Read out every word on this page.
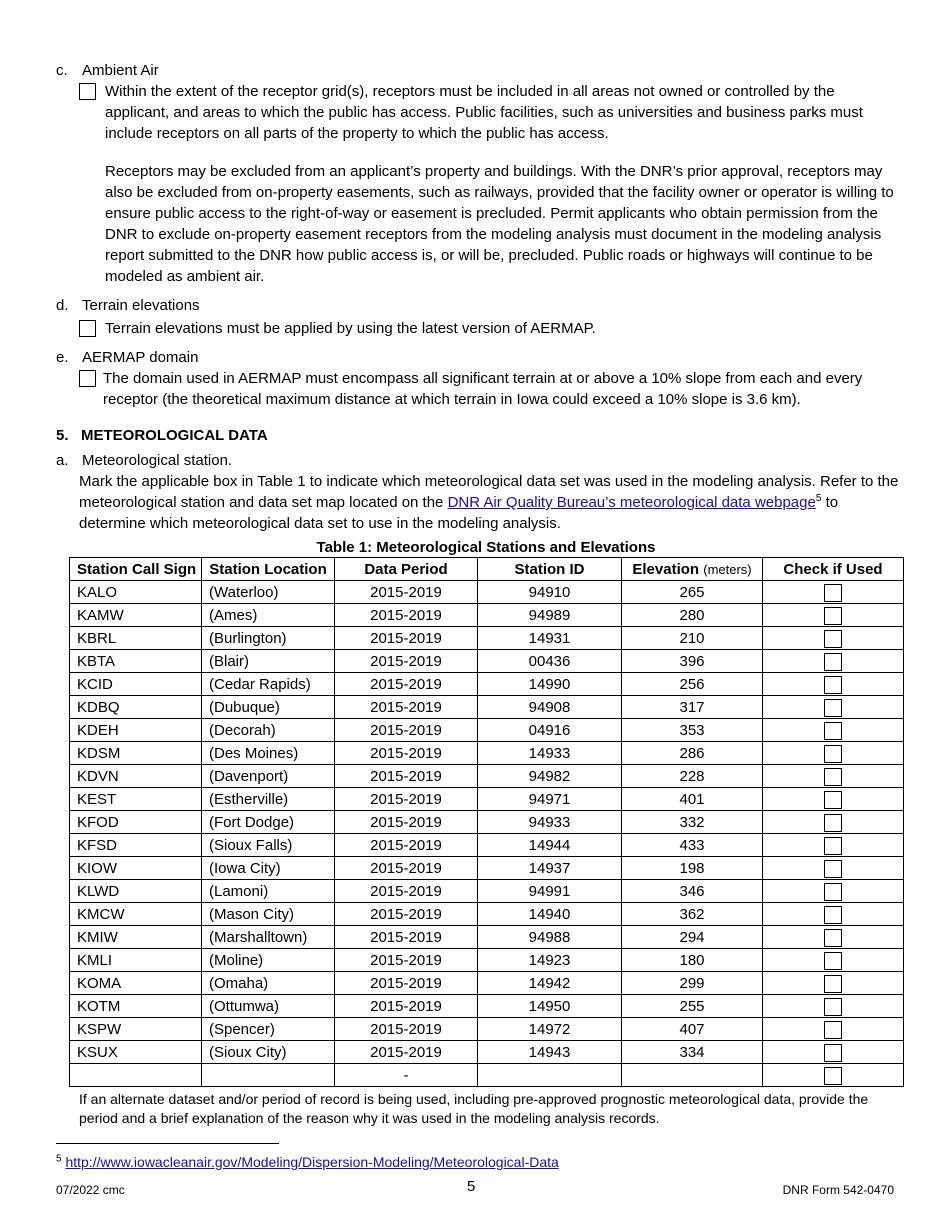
c. Ambient Air
Within the extent of the receptor grid(s), receptors must be included in all areas not owned or controlled by the applicant, and areas to which the public has access. Public facilities, such as universities and business parks must include receptors on all parts of the property to which the public has access.
Receptors may be excluded from an applicant’s property and buildings. With the DNR’s prior approval, receptors may also be excluded from on-property easements, such as railways, provided that the facility owner or operator is willing to ensure public access to the right-of-way or easement is precluded. Permit applicants who obtain permission from the DNR to exclude on-property easement receptors from the modeling analysis must document in the modeling analysis report submitted to the DNR how public access is, or will be, precluded. Public roads or highways will continue to be modeled as ambient air.
d. Terrain elevations
Terrain elevations must be applied by using the latest version of AERMAP.
e. AERMAP domain
The domain used in AERMAP must encompass all significant terrain at or above a 10% slope from each and every receptor (the theoretical maximum distance at which terrain in Iowa could exceed a 10% slope is 3.6 km).
5.   METEOROLOGICAL DATA
a. Meteorological station.
Mark the applicable box in Table 1 to indicate which meteorological data set was used in the modeling analysis. Refer to the meteorological station and data set map located on the DNR Air Quality Bureau’s meteorological data webpage$^5$ to determine which meteorological data set to use in the modeling analysis.
Table 1: Meteorological Stations and Elevations
Station Call Sign	Station Location	Data Period	Station ID	Elevation (meters)	Check if Used
KALO	(Waterloo)	2015-2019	94910	265	
KAMW	(Ames)	2015-2019	94989	280	
KBRL	(Burlington)	2015-2019	14931	210	
KBTA	(Blair)	2015-2019	00436	396	
KCID	(Cedar Rapids)	2015-2019	14990	256	
KDBQ	(Dubuque)	2015-2019	94908	317	
KDEH	(Decorah)	2015-2019	04916	353	
KDSM	(Des Moines)	2015-2019	14933	286	
KDVN	(Davenport)	2015-2019	94982	228	
KEST	(Estherville)	2015-2019	94971	401	
KFOD	(Fort Dodge)	2015-2019	94933	332	
KFSD	(Sioux Falls)	2015-2019	14944	433	
KIOW	(Iowa City)	2015-2019	14937	198	
KLWD	(Lamoni)	2015-2019	94991	346	
KMCW	(Mason City)	2015-2019	14940	362	
KMIW	(Marshalltown)	2015-2019	94988	294	
KMLI	(Moline)	2015-2019	14923	180	
KOMA	(Omaha)	2015-2019	14942	299	
KOTM	(Ottumwa)	2015-2019	14950	255	
KSPW	(Spencer)	2015-2019	14972	407	
KSUX	(Sioux City)	2015-2019	14943	334	
		-			
If an alternate dataset and/or period of record is being used, including pre-approved prognostic meteorological data, provide the period and a brief explanation of the reason why it was used in the modeling analysis records.
$^5$ http://www.iowacleanair.gov/Modeling/Dispersion-Modeling/Meteorological-Data
07/2022 cmc	5	DNR Form 542-0470
